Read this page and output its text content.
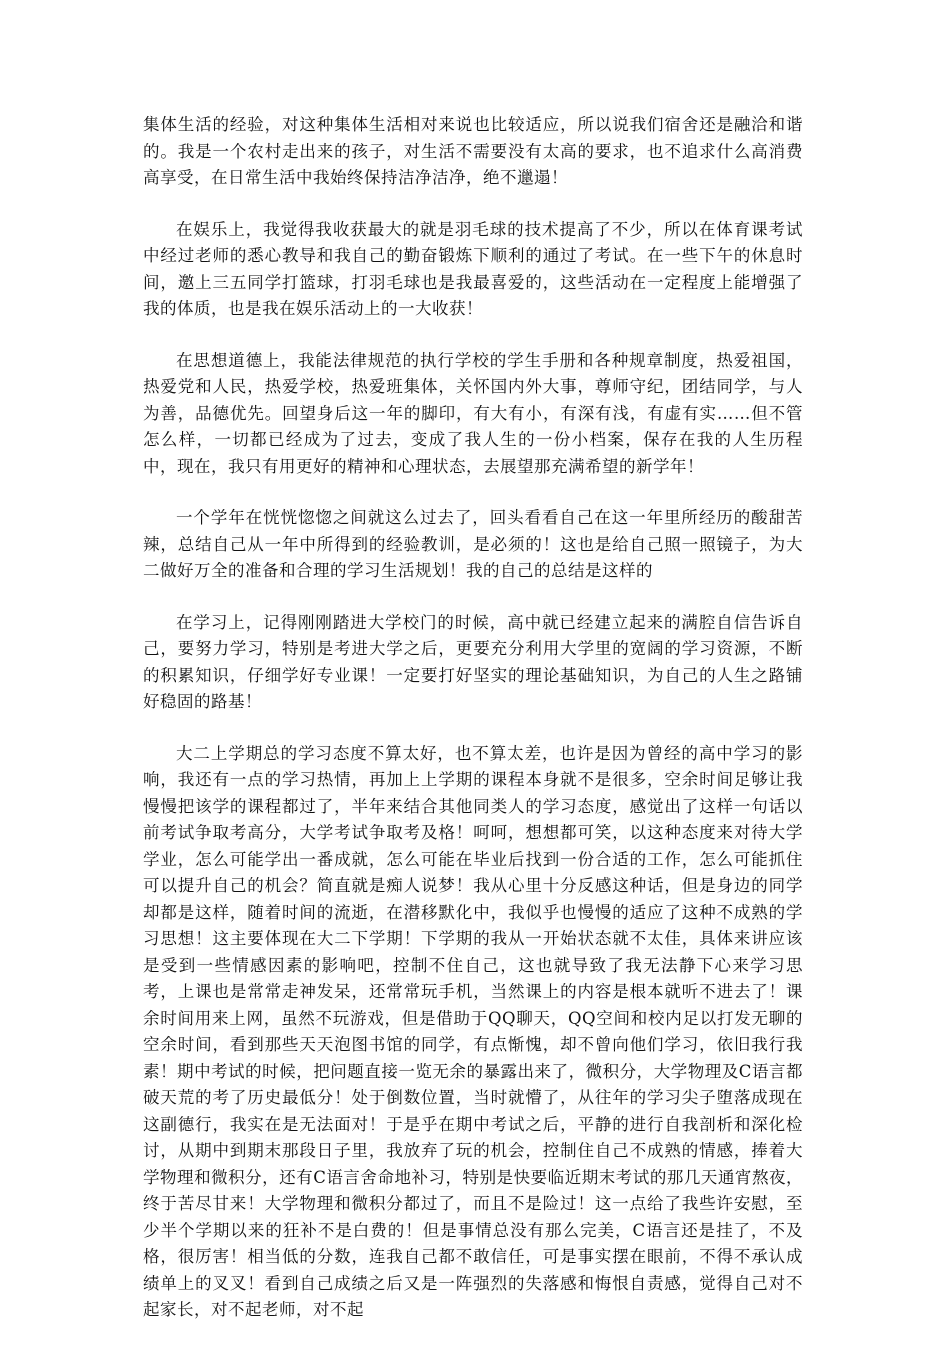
集体生活的经验，对这种集体生活相对来说也比较适应，所以说我们宿舍还是融洽和谐的。我是一个农村走出来的孩子，对生活不需要没有太高的要求，也不追求什么高消费高享受，在日常生活中我始终保持洁净洁净，绝不邋遢！

在娱乐上，我觉得我收获最大的就是羽毛球的技术提高了不少，所以在体育课考试中经过老师的悉心教导和我自己的勤奋锻炼下顺利的通过了考试。在一些下午的休息时间，邀上三五同学打篮球，打羽毛球也是我最喜爱的，这些活动在一定程度上能增强了我的体质，也是我在娱乐活动上的一大收获！

在思想道德上，我能法律规范的执行学校的学生手册和各种规章制度，热爱祖国，热爱党和人民，热爱学校，热爱班集体，关怀国内外大事，尊师守纪，团结同学，与人为善，品德优先。回望身后这一年的脚印，有大有小，有深有浅，有虚有实……但不管怎么样，一切都已经成为了过去，变成了我人生的一份小档案，保存在我的人生历程中，现在，我只有用更好的精神和心理状态，去展望那充满希望的新学年！

一个学年在恍恍惚惚之间就这么过去了，回头看看自己在这一年里所经历的酸甜苦辣，总结自己从一年中所得到的经验教训，是必须的！这也是给自己照一照镜子，为大二做好万全的准备和合理的学习生活规划！我的自己的总结是这样的

在学习上，记得刚刚踏进大学校门的时候，高中就已经建立起来的满腔自信告诉自己，要努力学习，特别是考进大学之后，更要充分利用大学里的宽阔的学习资源，不断的积累知识，仔细学好专业课！一定要打好坚实的理论基础知识，为自己的人生之路铺好稳固的路基！

大二上学期总的学习态度不算太好，也不算太差，也许是因为曾经的高中学习的影响，我还有一点的学习热情，再加上上学期的课程本身就不是很多，空余时间足够让我慢慢把该学的课程都过了，半年来结合其他同类人的学习态度，感觉出了这样一句话以前考试争取考高分，大学考试争取考及格！呵呵，想想都可笑，以这种态度来对待大学学业，怎么可能学出一番成就，怎么可能在毕业后找到一份合适的工作，怎么可能抓住可以提升自己的机会？简直就是痴人说梦！我从心里十分反感这种话，但是身边的同学却都是这样，随着时间的流逝，在潜移默化中，我似乎也慢慢的适应了这种不成熟的学习思想！这主要体现在大二下学期！下学期的我从一开始状态就不太佳，具体来讲应该是受到一些情感因素的影响吧，控制不住自己，这也就导致了我无法静下心来学习思考，上课也是常常走神发呆，还常常玩手机，当然课上的内容是根本就听不进去了！课余时间用来上网，虽然不玩游戏，但是借助于QQ聊天，QQ空间和校内足以打发无聊的空余时间，看到那些天天泡图书馆的同学，有点惭愧，却不曾向他们学习，依旧我行我素！期中考试的时候，把问题直接一览无余的暴露出来了，微积分，大学物理及C语言都破天荒的考了历史最低分！处于倒数位置，当时就懵了，从往年的学习尖子堕落成现在这副德行，我实在是无法面对！于是乎在期中考试之后，平静的进行自我剖析和深化检讨，从期中到期末那段日子里，我放弃了玩的机会，控制住自己不成熟的情感，捧着大学物理和微积分，还有C语言舍命地补习，特别是快要临近期末考试的那几天通宵熬夜，终于苦尽甘来！大学物理和微积分都过了，而且不是险过！这一点给了我些许安慰，至少半个学期以来的狂补不是白费的！但是事情总没有那么完美，C语言还是挂了，不及格，很厉害！相当低的分数，连我自己都不敢信任，可是事实摆在眼前，不得不承认成绩单上的叉叉！看到自己成绩之后又是一阵强烈的失落感和悔恨自责感，觉得自己对不起家长，对不起老师，对不起
